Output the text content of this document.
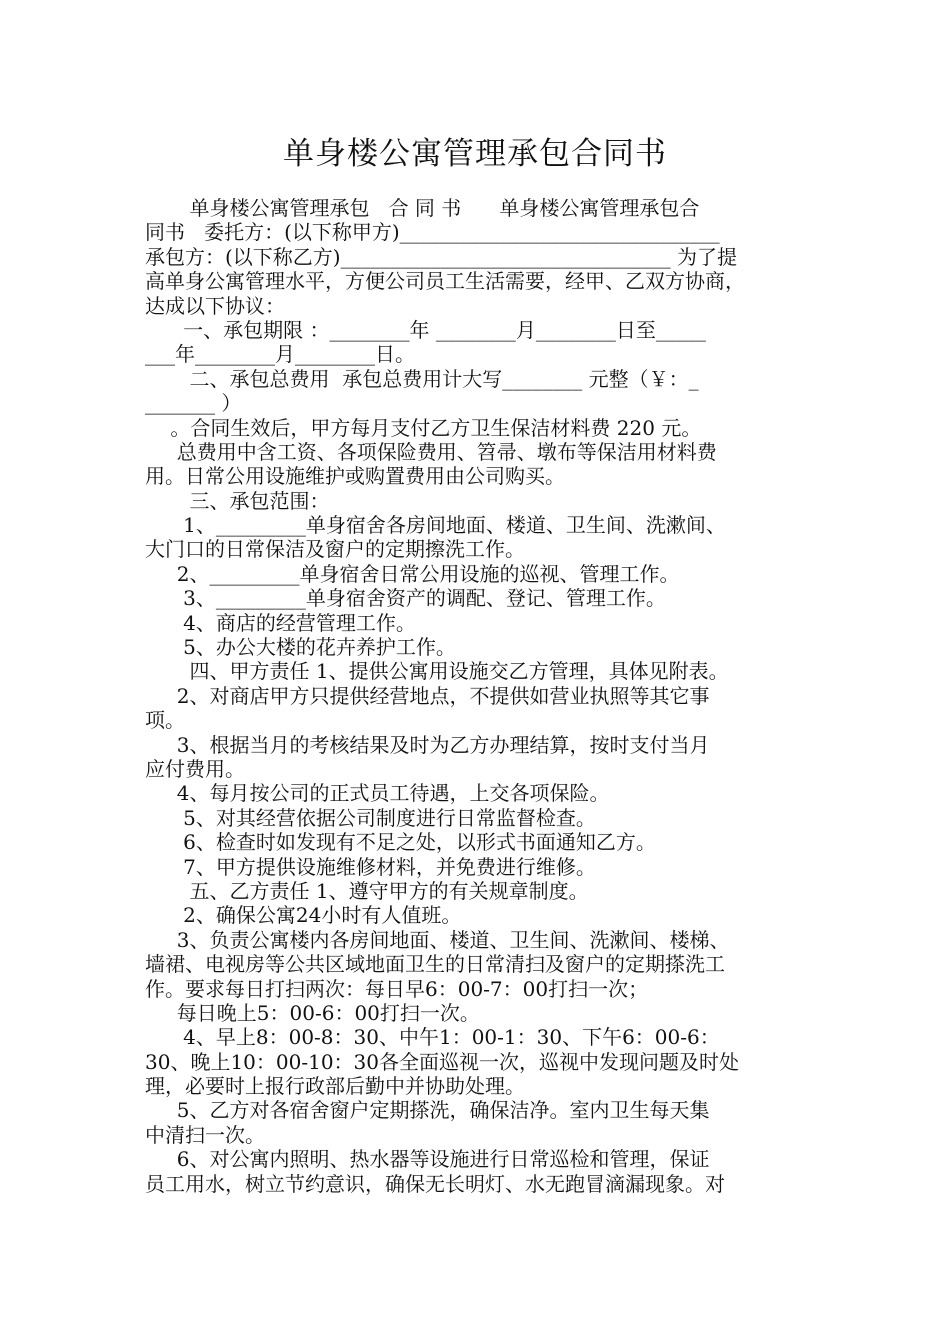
单身楼公寓管理承包合同书
单身楼公寓管理承包   合 同 书      单身楼公寓管理承包合
同书   委托方：(以下称甲方)________________________________
承包方：(以下称乙方)_________________________________ 为了提
高单身公寓管理水平，方便公司员工生活需要，经甲、乙双方协商，
达成以下协议：
一、承包期限 ：________年 ________月________日至_____
___年________月________日。
二、承包总费用  承包总费用计大写________ 元整（￥：_
_______ ）
。合同生效后，甲方每月支付乙方卫生保洁材料费 220 元。
总费用中含工资、各项保险费用、笤帚、墩布等保洁用材料费
用。日常公用设施维护或购置费用由公司购买。
三、承包范围：
1、_________单身宿舍各房间地面、楼道、卫生间、洗漱间、
大门口的日常保洁及窗户的定期擦洗工作。
2、_________单身宿舍日常公用设施的巡视、管理工作。
3、_________单身宿舍资产的调配、登记、管理工作。
4、商店的经营管理工作。
5、办公大楼的花卉养护工作。
四、甲方责任 1、提供公寓用设施交乙方管理，具体见附表。
2、对商店甲方只提供经营地点，不提供如营业执照等其它事
项。
3、根据当月的考核结果及时为乙方办理结算，按时支付当月
应付费用。
4、每月按公司的正式员工待遇，上交各项保险。
5、对其经营依据公司制度进行日常监督检查。
6、检查时如发现有不足之处，以形式书面通知乙方。
7、甲方提供设施维修材料，并免费进行维修。
五、乙方责任 1、遵守甲方的有关规章制度。
2、确保公寓24小时有人值班。
3、负责公寓楼内各房间地面、楼道、卫生间、洗漱间、楼梯、
墙裙、电视房等公共区域地面卫生的日常清扫及窗户的定期搽洗工
作。要求每日打扫两次：每日早6：00-7：00打扫一次；
每日晚上5：00-6：00打扫一次。
4、早上8：00-8：30、中午1：00-1：30、下午6：00-6：
30、晚上10：00-10：30各全面巡视一次，巡视中发现问题及时处
理，必要时上报行政部后勤中并协助处理。
5、乙方对各宿舍窗户定期搽洗，确保洁净。室内卫生每天集
中清扫一次。
6、对公寓内照明、热水器等设施进行日常巡检和管理，保证
员工用水，树立节约意识，确保无长明灯、水无跑冒滴漏现象。对
